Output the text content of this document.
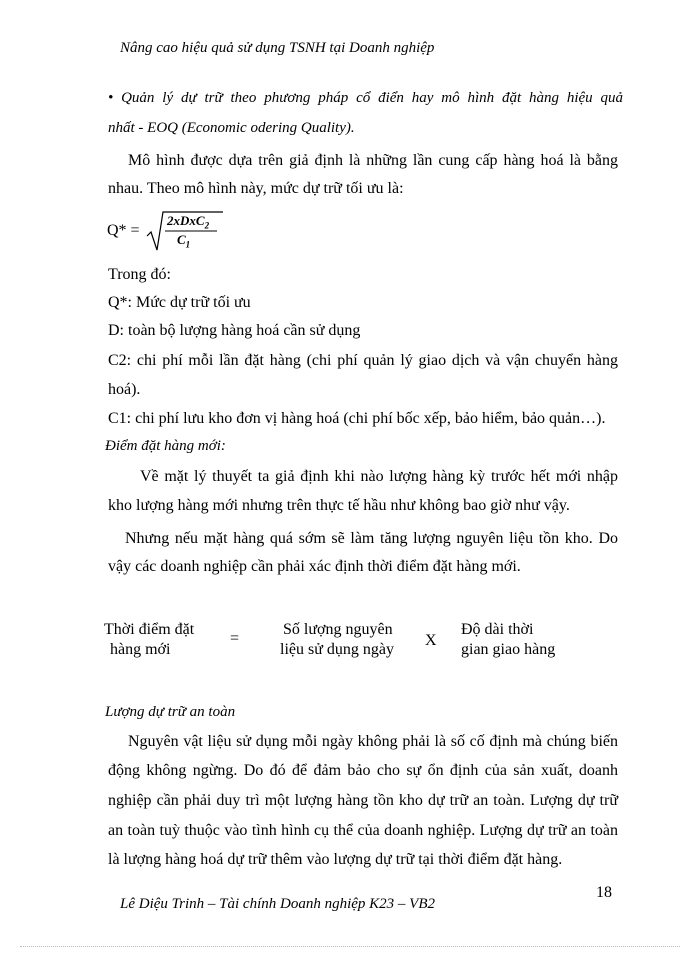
Nâng cao hiệu quả sử dụng TSNH tại Doanh nghiệp
• Quản lý dự trữ theo phương pháp cổ điển hay mô hình đặt hàng hiệu quả
nhất - EOQ (Economic odering Quality).
Mô hình được dựa trên giả định là những lần cung cấp hàng hoá là bằng
nhau. Theo mô hình này, mức dự trữ tối ưu là:
Q* =
2xDxC$_2$
$C_1$
Trong đó:
Q*: Mức dự trữ tối ưu
D: toàn bộ lượng hàng hoá cần sử dụng
C2: chi phí mỗi lần đặt hàng (chi phí quản lý giao dịch và vận chuyển hàng
hoá).
C1: chi phí lưu kho đơn vị hàng hoá (chi phí bốc xếp, bảo hiểm, bảo quản…).
Điểm đặt hàng mới:
Về mặt lý thuyết ta giả định khi nào lượng hàng kỳ trước hết mới nhập
kho lượng hàng mới nhưng trên thực tế hầu như không bao giờ như vậy.
Nhưng nếu mặt hàng quá sớm sẽ làm tăng lượng nguyên liệu tồn kho. Do
vậy các doanh nghiệp cần phải xác định thời điểm đặt hàng mới.
Thời điểm đặt
hàng mới
=
Số lượng nguyên
liệu sử dụng ngày
X
Độ dài thời
gian giao hàng
Lượng dự trữ an toàn
Nguyên vật liệu sử dụng mỗi ngày không phải là số cố định mà chúng biến
động không ngừng. Do đó để đảm bảo cho sự ổn định của sản xuất, doanh
nghiệp cần phải duy trì một lượng hàng tồn kho dự trữ an toàn. Lượng dự trữ
an toàn tuỳ thuộc vào tình hình cụ thể của doanh nghiệp. Lượng dự trữ an toàn
là lượng hàng hoá dự trữ thêm vào lượng dự trữ tại thời điểm đặt hàng.
18
Lê Diệu Trinh – Tài chính Doanh nghiệp K23 – VB2
